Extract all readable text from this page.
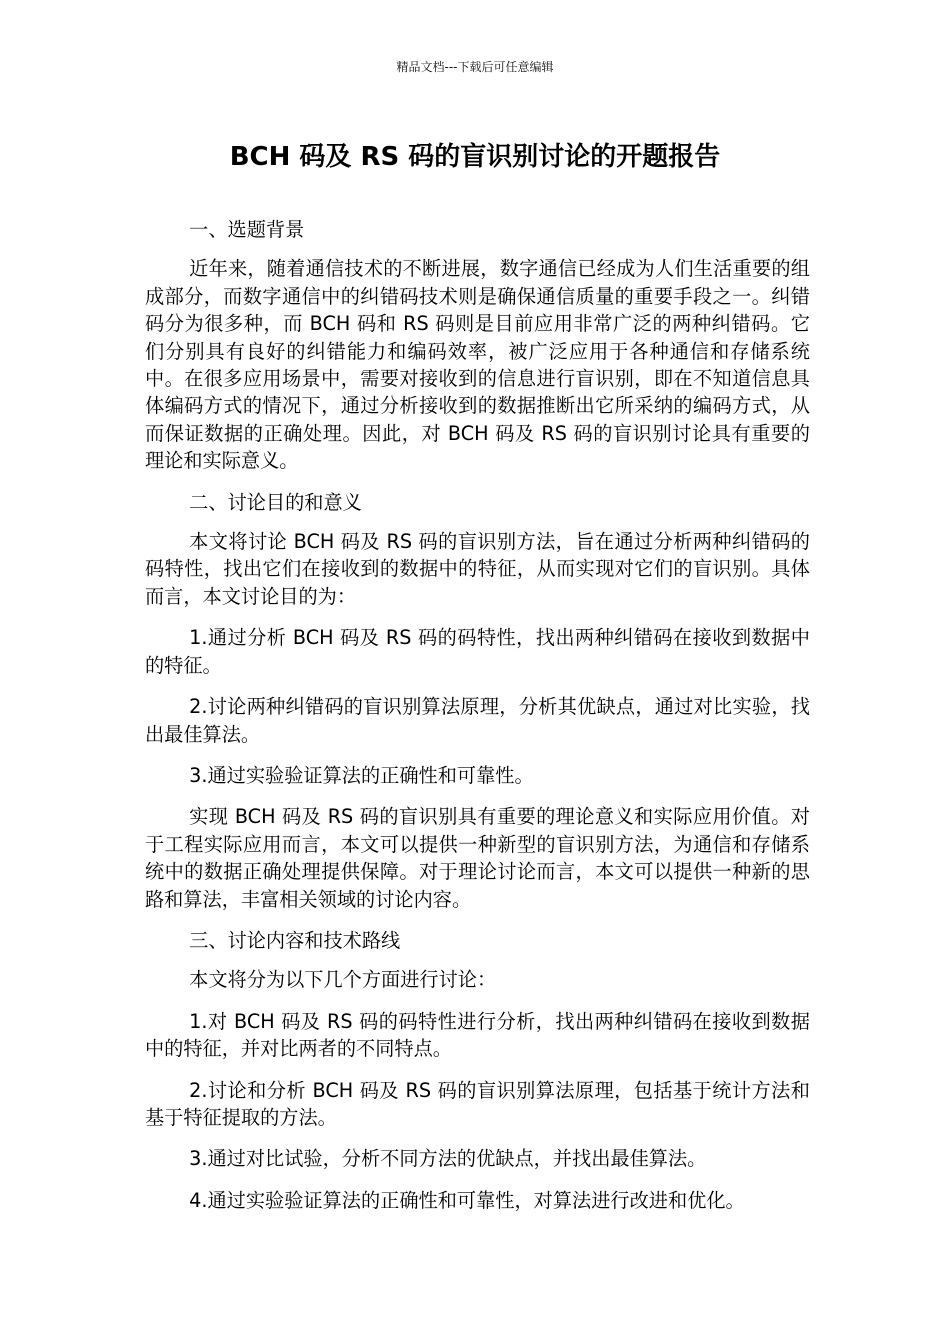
精品文档---下载后可任意编辑
BCH 码及 RS 码的盲识别讨论的开题报告

一、选题背景

近年来，随着通信技术的不断进展，数字通信已经成为人们生活重要的组成部分，而数字通信中的纠错码技术则是确保通信质量的重要手段之一。纠错码分为很多种，而 BCH 码和 RS 码则是目前应用非常广泛的两种纠错码。它们分别具有良好的纠错能力和编码效率，被广泛应用于各种通信和存储系统中。在很多应用场景中，需要对接收到的信息进行盲识别，即在不知道信息具体编码方式的情况下，通过分析接收到的数据推断出它所采纳的编码方式，从而保证数据的正确处理。因此，对 BCH 码及 RS 码的盲识别讨论具有重要的理论和实际意义。

二、讨论目的和意义

本文将讨论 BCH 码及 RS 码的盲识别方法，旨在通过分析两种纠错码的码特性，找出它们在接收到的数据中的特征，从而实现对它们的盲识别。具体而言，本文讨论目的为：

1.通过分析 BCH 码及 RS 码的码特性，找出两种纠错码在接收到数据中的特征。

2.讨论两种纠错码的盲识别算法原理，分析其优缺点，通过对比实验，找出最佳算法。

3.通过实验验证算法的正确性和可靠性。

实现 BCH 码及 RS 码的盲识别具有重要的理论意义和实际应用价值。对于工程实际应用而言，本文可以提供一种新型的盲识别方法，为通信和存储系统中的数据正确处理提供保障。对于理论讨论而言，本文可以提供一种新的思路和算法，丰富相关领域的讨论内容。

三、讨论内容和技术路线

本文将分为以下几个方面进行讨论：

1.对 BCH 码及 RS 码的码特性进行分析，找出两种纠错码在接收到数据中的特征，并对比两者的不同特点。

2.讨论和分析 BCH 码及 RS 码的盲识别算法原理，包括基于统计方法和基于特征提取的方法。

3.通过对比试验，分析不同方法的优缺点，并找出最佳算法。

4.通过实验验证算法的正确性和可靠性，对算法进行改进和优化。
